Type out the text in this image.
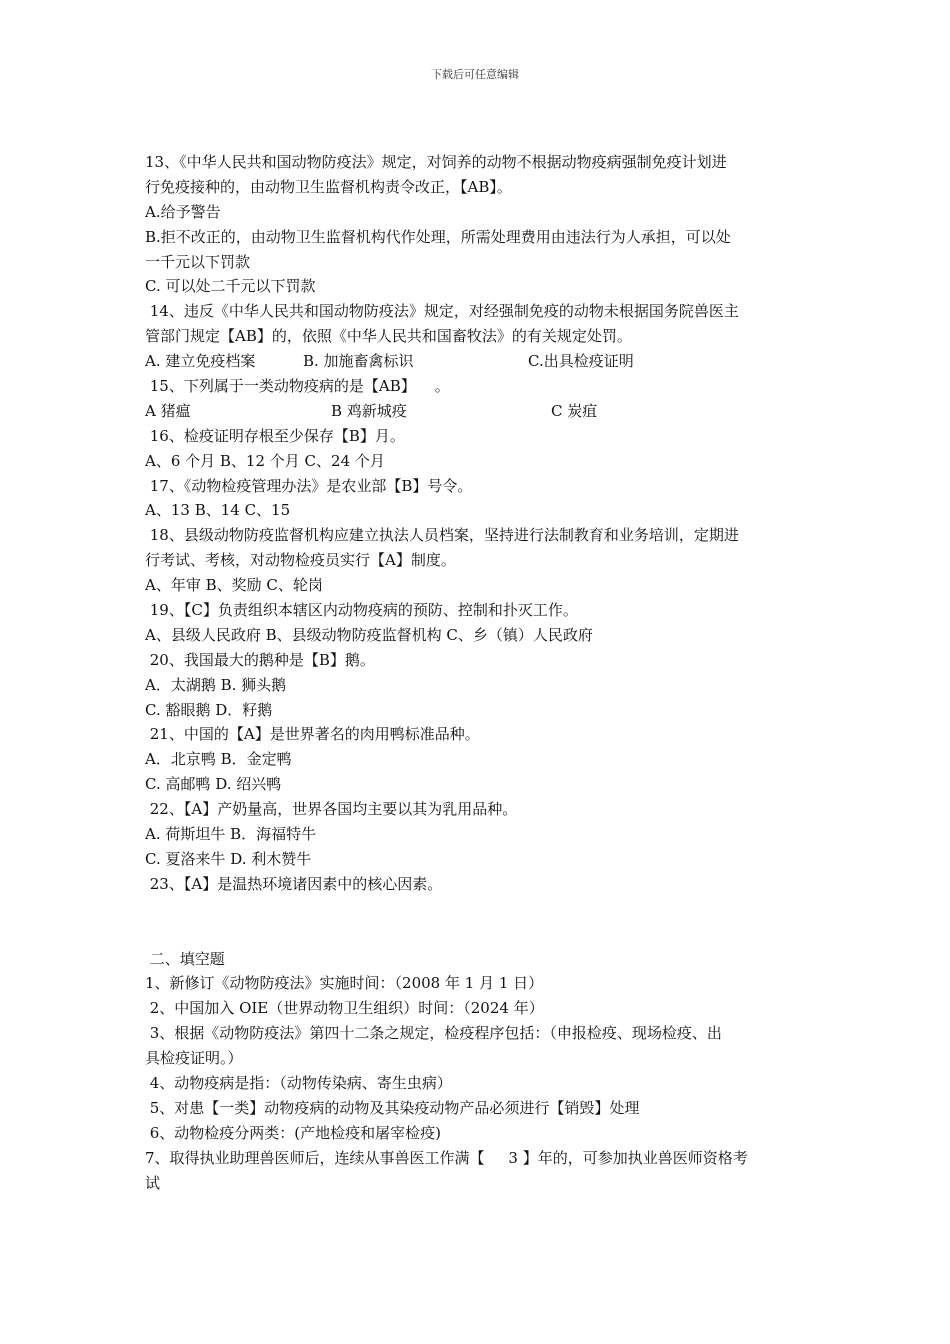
下载后可任意编辑
13、《中华人民共和国动物防疫法》规定，对饲养的动物不根据动物疫病强制免疫计划进
行免疫接种的，由动物卫生监督机构责令改正，【AB】。
A.给予警告
B.拒不改正的，由动物卫生监督机构代作处理，所需处理费用由违法行为人承担，可以处
一千元以下罚款
C. 可以处二千元以下罚款
14、违反《中华人民共和国动物防疫法》规定，对经强制免疫的动物未根据国务院兽医主
管部门规定【AB】的，依照《中华人民共和国畜牧法》的有关规定处罚。
A. 建立免疫档案	B. 加施畜禽标识	C.出具检疫证明
15、下列属于一类动物疫病的是【AB】    。
A 猪瘟	B 鸡新城疫	C 炭疽
16、检疫证明存根至少保存【B】月。
A、6 个月 B、12 个月 C、24 个月
17、《动物检疫管理办法》是农业部【B】号令。
A、13 B、14 C、15
18、县级动物防疫监督机构应建立执法人员档案，坚持进行法制教育和业务培训，定期进
行考试、考核，对动物检疫员实行【A】制度。
A、年审 B、奖励 C、轮岗
19、【C】负责组织本辖区内动物疫病的预防、控制和扑灭工作。
A、县级人民政府 B、县级动物防疫监督机构 C、乡（镇）人民政府
20、我国最大的鹅种是【B】鹅。
A．太湖鹅 B. 狮头鹅
C. 豁眼鹅 D．籽鹅
21、中国的【A】是世界著名的肉用鸭标准品种。
A．北京鸭 B．金定鸭
C. 高邮鸭 D. 绍兴鸭
22、【A】产奶量高，世界各国均主要以其为乳用品种。
A. 荷斯坦牛 B．海福特牛
C. 夏洛来牛 D. 利木赞牛
23、【A】是温热环境诸因素中的核心因素。

二、填空题
1、新修订《动物防疫法》实施时间：（2008 年 1 月 1 日）
2、中国加入 OIE（世界动物卫生组织）时间：（2024 年）
3、根据《动物防疫法》第四十二条之规定，检疫程序包括：（申报检疫、现场检疫、出
具检疫证明。）
4、动物疫病是指：（动物传染病、寄生虫病）
5、对患【一类】动物疫病的动物及其染疫动物产品必须进行【销毁】处理
6、动物检疫分两类：(产地检疫和屠宰检疫)
7、取得执业助理兽医师后，连续从事兽医工作满【     3 】年的，可参加执业兽医师资格考
试
